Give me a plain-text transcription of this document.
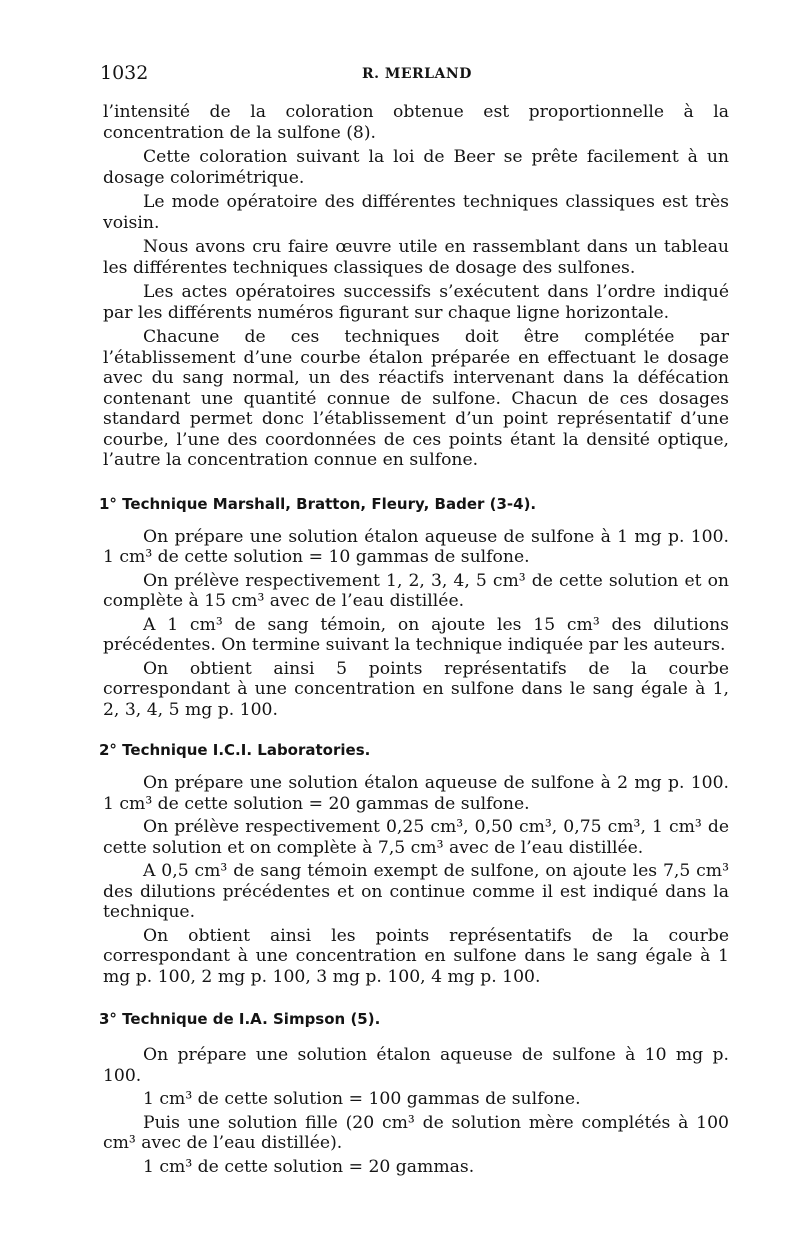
1032	R. MERLAND

l’intensité de la coloration obtenue est proportionnelle à la concentration de la sulfone (8).

Cette coloration suivant la loi de Beer se prête facilement à un dosage colorimétrique.

Le mode opératoire des différentes techniques classiques est très voisin.

Nous avons cru faire œuvre utile en rassemblant dans un tableau les différentes techniques classiques de dosage des sulfones.

Les actes opératoires successifs s’exécutent dans l’ordre indiqué par les différents numéros figurant sur chaque ligne horizontale.

Chacune de ces techniques doit être complétée par l’établissement d’une courbe étalon préparée en effectuant le dosage avec du sang normal, un des réactifs intervenant dans la défécation contenant une quantité connue de sulfone. Chacun de ces dosages standard permet donc l’établissement d’un point représentatif d’une courbe, l’une des coordonnées de ces points étant la densité optique, l’autre la concentration connue en sulfone.

1° Technique Marshall, Bratton, Fleury, Bader (3-4).

On prépare une solution étalon aqueuse de sulfone à 1 mg p. 100. 1 cm³ de cette solution = 10 gammas de sulfone.

On prélève respectivement 1, 2, 3, 4, 5 cm³ de cette solution et on complète à 15 cm³ avec de l’eau distillée.

A 1 cm³ de sang témoin, on ajoute les 15 cm³ des dilutions précédentes. On termine suivant la technique indiquée par les auteurs.

On obtient ainsi 5 points représentatifs de la courbe correspondant à une concentration en sulfone dans le sang égale à 1, 2, 3, 4, 5 mg p. 100.

2° Technique I.C.I. Laboratories.

On prépare une solution étalon aqueuse de sulfone à 2 mg p. 100. 1 cm³ de cette solution = 20 gammas de sulfone.

On prélève respectivement 0,25 cm³, 0,50 cm³, 0,75 cm³, 1 cm³ de cette solution et on complète à 7,5 cm³ avec de l’eau distillée.

A 0,5 cm³ de sang témoin exempt de sulfone, on ajoute les 7,5 cm³ des dilutions précédentes et on continue comme il est indiqué dans la technique.

On obtient ainsi les points représentatifs de la courbe correspondant à une concentration en sulfone dans le sang égale à 1 mg p. 100, 2 mg p. 100, 3 mg p. 100, 4 mg p. 100.

3° Technique de I.A. Simpson (5).

On prépare une solution étalon aqueuse de sulfone à 10 mg p. 100.

1 cm³ de cette solution = 100 gammas de sulfone.

Puis une solution fille (20 cm³ de solution mère complétés à 100 cm³ avec de l’eau distillée).

1 cm³ de cette solution = 20 gammas.
